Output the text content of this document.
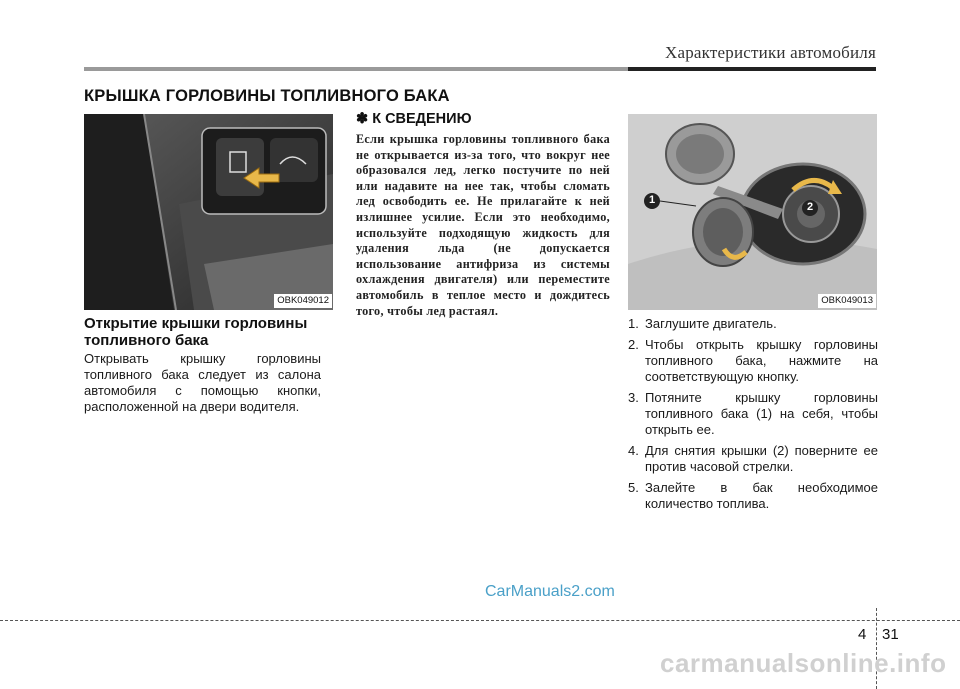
Характеристики автомобиля
КРЫШКА ГОРЛОВИНЫ ТОПЛИВНОГО БАКА
OBK049012
Открытие крышки горловины топливного бака
Открывать крышку горловины топливного бака следует из салона автомобиля с помощью кнопки, расположенной на двери водителя.
✽ К СВЕДЕНИЮ
Если крышка горловины топливного бака не открывается из-за того, что вокруг нее образовался лед, легко постучите по ней или надавите на нее так, чтобы сломать лед освободить ее. Не прилагайте к ней излишнее усилие. Если это необходимо, используйте подходящую жидкость для удаления льда (не допускается использование антифриза из системы охлаждения двигателя) или переместите автомобиль в теплое место и дождитесь того, чтобы лед растаял.
1
2
OBK049013
1. Заглушите двигатель.
2. Чтобы открыть крышку горловины топливного бака, нажмите на соответствующую кнопку.
3. Потяните крышку горловины топливного бака (1) на себя, чтобы открыть ее.
4. Для снятия крышки (2) поверните ее против часовой стрелки.
5. Залейте в бак необходимое количество топлива.
CarManuals2.com
4 31
carmanualsonline.info
